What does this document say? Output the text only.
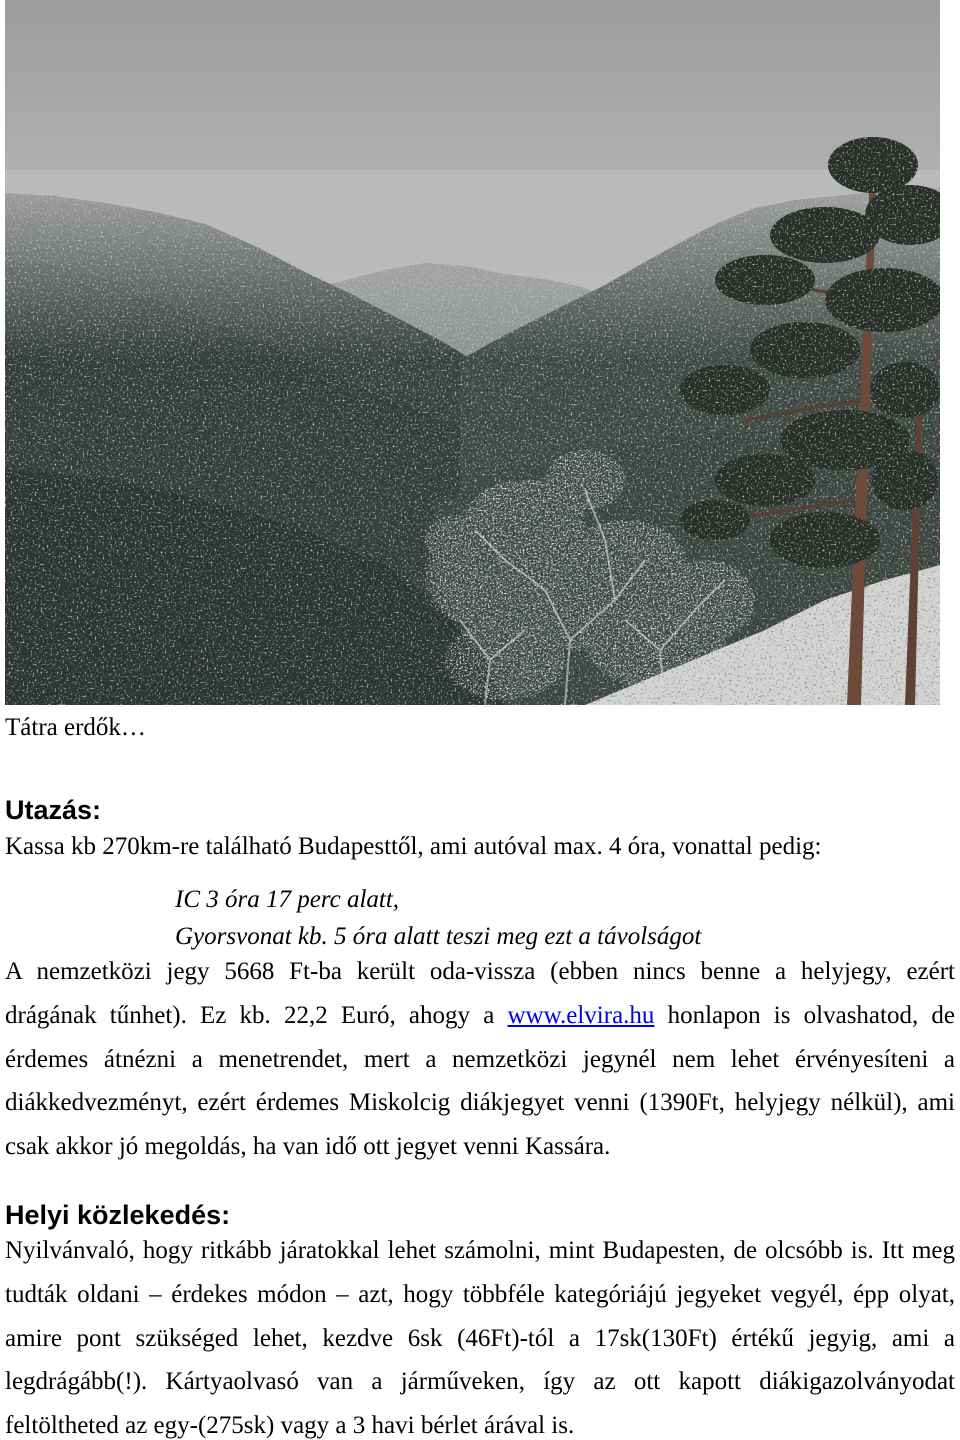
Tátra erdők…
Utazás:
Kassa kb 270km-re található Budapesttől, ami autóval max. 4 óra, vonattal pedig:
IC 3 óra 17 perc alatt,
Gyorsvonat kb. 5 óra alatt teszi meg ezt a távolságot
A nemzetközi jegy 5668 Ft-ba került oda-vissza (ebben nincs benne a helyjegy, ezért
drágának tűnhet). Ez kb. 22,2 Euró, ahogy a www.elvira.hu honlapon is olvashatod, de
érdemes átnézni a menetrendet, mert a nemzetközi jegynél nem lehet érvényesíteni a
diákkedvezményt, ezért érdemes Miskolcig diákjegyet venni (1390Ft, helyjegy nélkül), ami
csak akkor jó megoldás, ha van idő ott jegyet venni Kassára.
Helyi közlekedés:
Nyilvánvaló, hogy ritkább járatokkal lehet számolni, mint Budapesten, de olcsóbb is. Itt meg
tudták oldani – érdekes módon – azt, hogy többféle kategóriájú jegyeket vegyél, épp olyat,
amire pont szükséged lehet, kezdve 6sk (46Ft)-tól a 17sk(130Ft) értékű jegyig, ami a
legdrágább(!). Kártyaolvasó van a járműveken, így az ott kapott diákigazolványodat
feltöltheted az egy-(275sk) vagy a 3 havi bérlet árával is.
